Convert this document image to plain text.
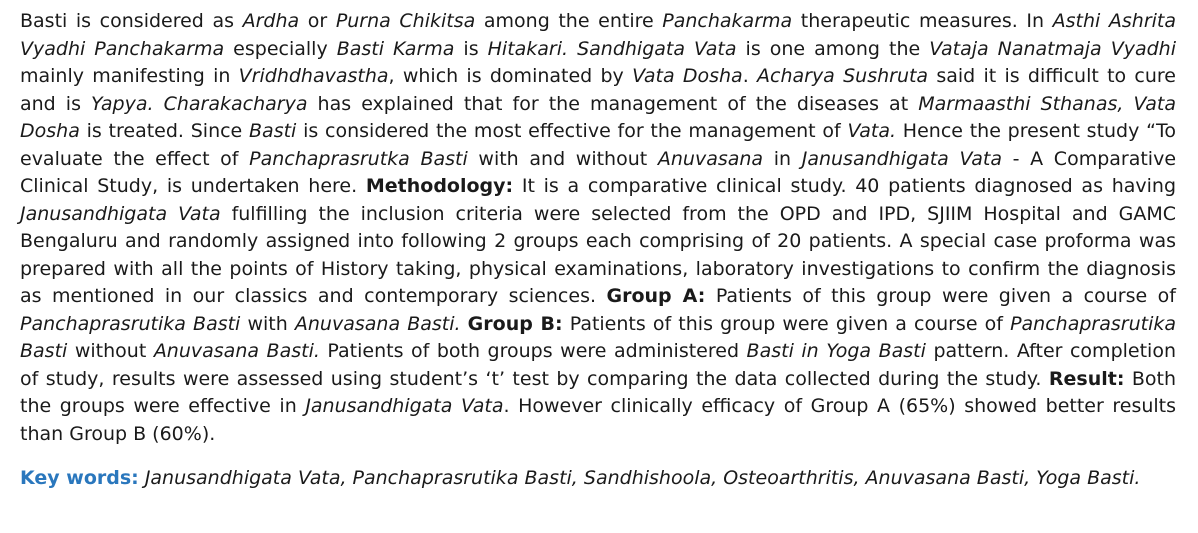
Basti is considered as Ardha or Purna Chikitsa among the entire Panchakarma therapeutic measures. In Asthi Ashrita Vyadhi Panchakarma especially Basti Karma is Hitakari. Sandhigata Vata is one among the Vataja Nanatmaja Vyadhi mainly manifesting in Vridhdhavastha, which is dominated by Vata Dosha. Acharya Sushruta said it is difficult to cure and is Yapya. Charakacharya has explained that for the management of the diseases at Marmaasthi Sthanas, Vata Dosha is treated. Since Basti is considered the most effective for the management of Vata. Hence the present study “To evaluate the effect of Panchaprasrutka Basti with and without Anuvasana in Janusandhigata Vata - A Comparative Clinical Study, is undertaken here. Methodology: It is a comparative clinical study. 40 patients diagnosed as having Janusandhigata Vata fulfilling the inclusion criteria were selected from the OPD and IPD, SJIIM Hospital and GAMC Bengaluru and randomly assigned into following 2 groups each comprising of 20 patients. A special case proforma was prepared with all the points of History taking, physical examinations, laboratory investigations to confirm the diagnosis as mentioned in our classics and contemporary sciences. Group A: Patients of this group were given a course of Panchaprasrutika Basti with Anuvasana Basti. Group B: Patients of this group were given a course of Panchaprasrutika Basti without Anuvasana Basti. Patients of both groups were administered Basti in Yoga Basti pattern. After completion of study, results were assessed using student’s ‘t’ test by comparing the data collected during the study. Result: Both the groups were effective in Janusandhigata Vata. However clinically efficacy of Group A (65%) showed better results than Group B (60%).

Key words: Janusandhigata Vata, Panchaprasrutika Basti, Sandhishoola, Osteoarthritis, Anuvasana Basti, Yoga Basti.
